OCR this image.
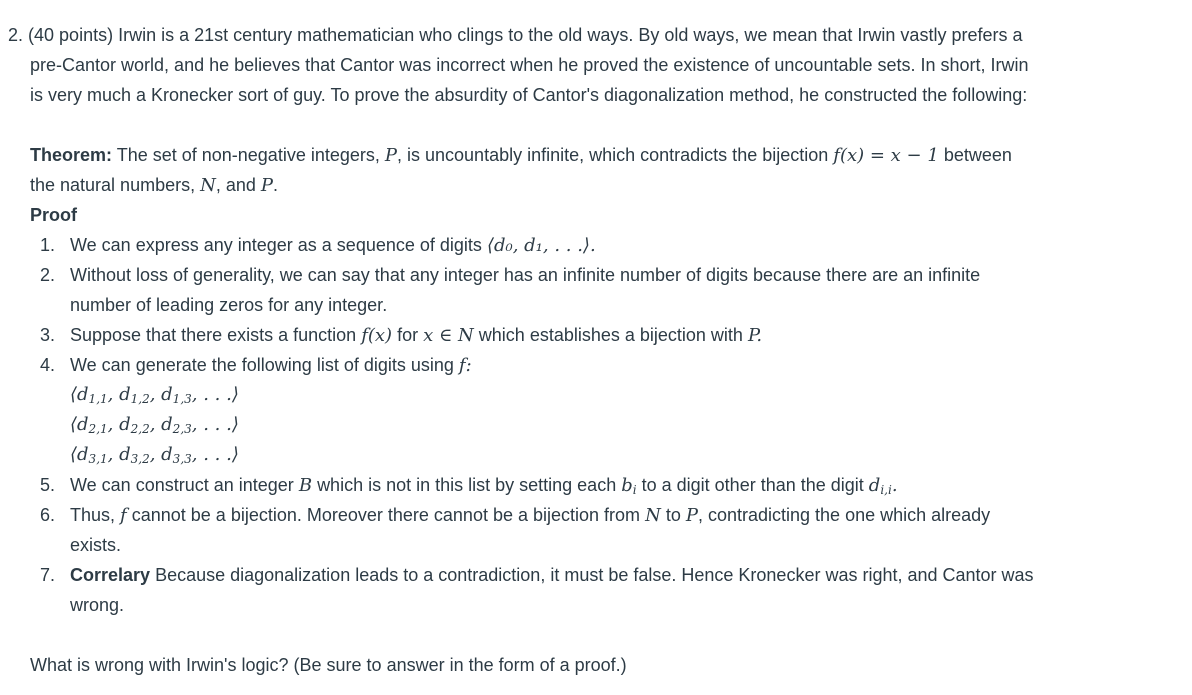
2. (40 points) Irwin is a 21st century mathematician who clings to the old ways. By old ways, we mean that Irwin vastly prefers a
pre-Cantor world, and he believes that Cantor was incorrect when he proved the existence of uncountable sets. In short, Irwin
is very much a Kronecker sort of guy. To prove the absurdity of Cantor's diagonalization method, he constructed the following:
Theorem: The set of non-negative integers, P, is uncountably infinite, which contradicts the bijection f(x) = x − 1 between
the natural numbers, N, and P.
Proof
1. We can express any integer as a sequence of digits ⟨d₀, d₁, . . .⟩.
2. Without loss of generality, we can say that any integer has an infinite number of digits because there are an infinite
number of leading zeros for any integer.
3. Suppose that there exists a function f(x) for x ∈ N which establishes a bijection with P.
4. We can generate the following list of digits using f:
$⟨d_{1,1}$, $d_{1,2}$, $d_{1,3}$, . . .⟩
$⟨d_{2,1}$, $d_{2,2}$, $d_{2,3}$, . . .⟩
$⟨d_{3,1}$, $d_{3,2}$, $d_{3,3}$, . . .⟩
5. We can construct an integer B which is not in this list by setting each $b_i$ to a digit other than the digit $d_{i,i}$.
6. Thus, f cannot be a bijection. Moreover there cannot be a bijection from N to P, contradicting the one which already
exists.
7. Correlary Because diagonalization leads to a contradiction, it must be false. Hence Kronecker was right, and Cantor was
wrong.
What is wrong with Irwin's logic? (Be sure to answer in the form of a proof.)
